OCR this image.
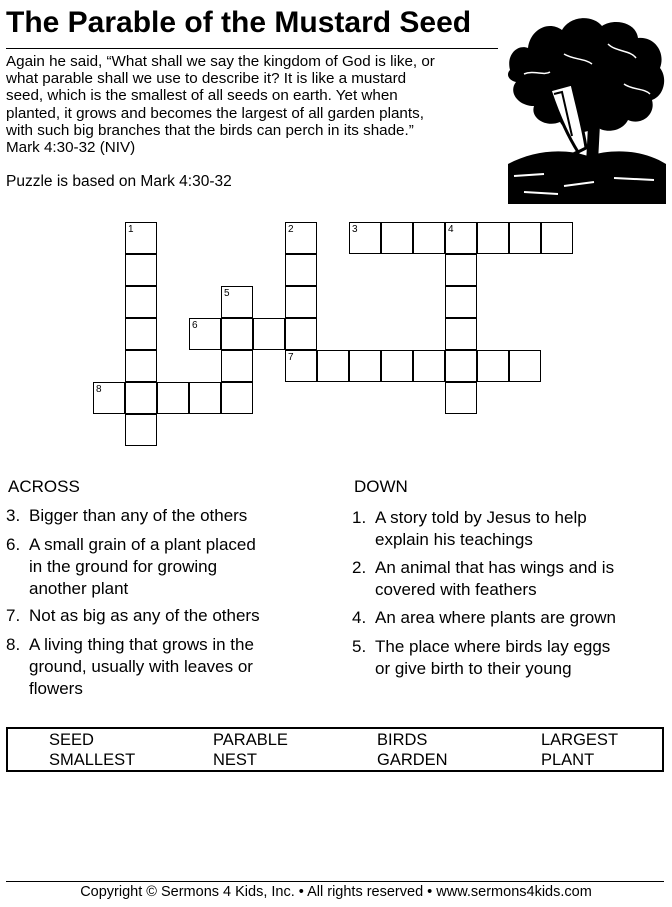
The Parable of the Mustard Seed
Again he said, “What shall we say the kingdom of God is like, or
what parable shall we use to describe it? It is like a mustard
seed, which is the smallest of all seeds on earth. Yet when
planted, it grows and becomes the largest of all garden plants,
with such big branches that the birds can perch in its shade.”
Mark 4:30-32 (NIV)
Puzzle is based on Mark 4:30-32
1
8
5
6
2
7
3	4
ACROSS
3. Bigger than any of the others
6. A small grain of a plant placed
in the ground for growing
another plant
7. Not as big as any of the others
8. A living thing that grows in the
ground, usually with leaves or
flowers
DOWN
1. A story told by Jesus to help
explain his teachings
2. An animal that has wings and is
covered with feathers
4. An area where plants are grown
5. The place where birds lay eggs
or give birth to their young
SEED	PARABLE	BIRDS	LARGEST
SMALLEST	NEST	GARDEN	PLANT
Copyright © Sermons 4 Kids, Inc. • All rights reserved • www.sermons4kids.com
